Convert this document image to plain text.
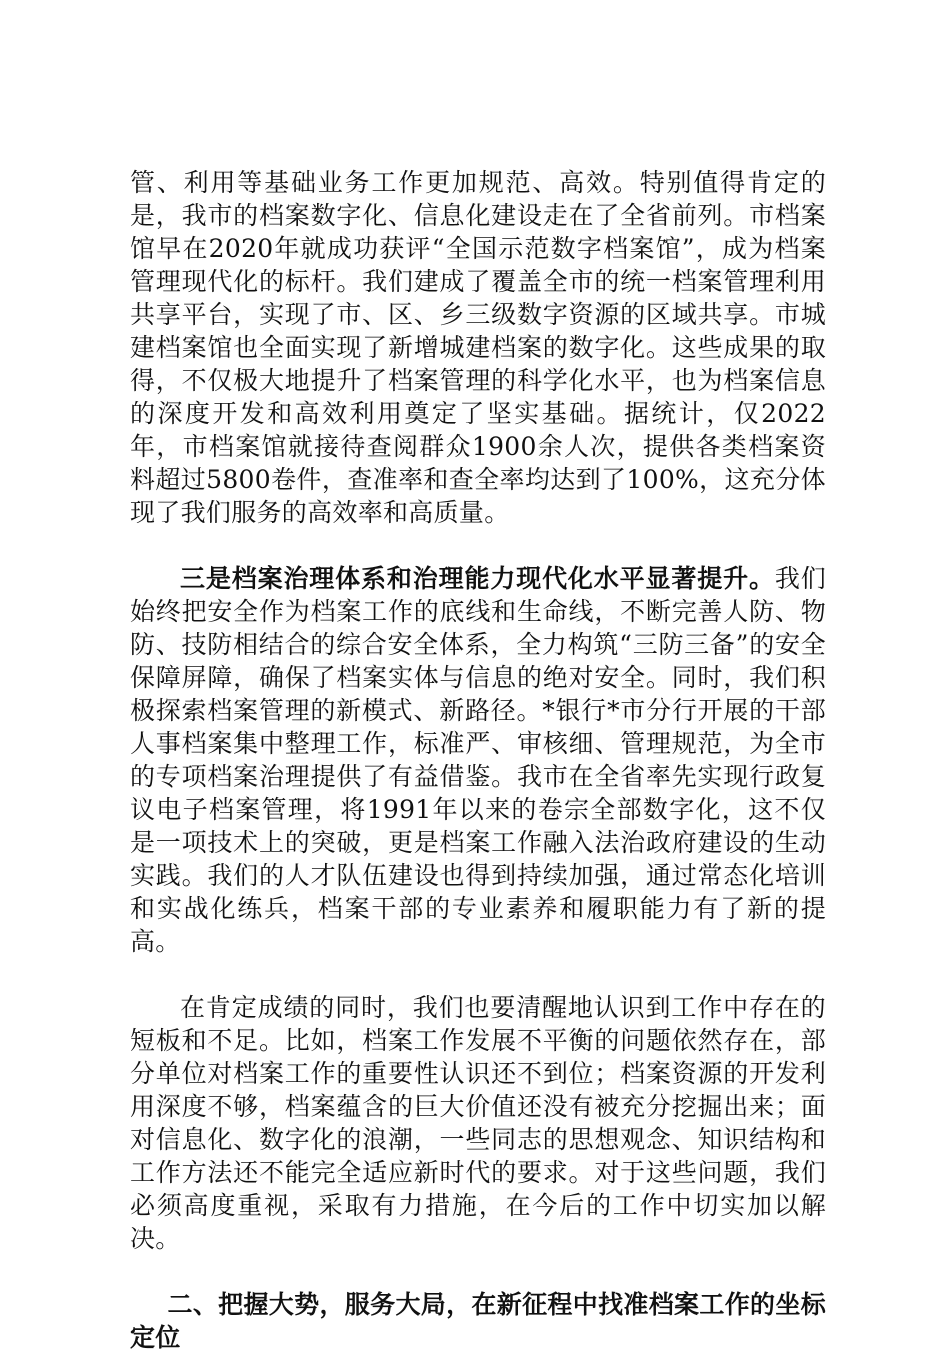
管、利用等基础业务工作更加规范、高效。特别值得肯定的是，我市的档案数字化、信息化建设走在了全省前列。市档案馆早在2020年就成功获评“全国示范数字档案馆”，成为档案管理现代化的标杆。我们建成了覆盖全市的统一档案管理利用共享平台，实现了市、区、乡三级数字资源的区域共享。市城建档案馆也全面实现了新增城建档案的数字化。这些成果的取得，不仅极大地提升了档案管理的科学化水平，也为档案信息的深度开发和高效利用奠定了坚实基础。据统计，仅2022年，市档案馆就接待查阅群众1900余人次，提供各类档案资料超过5800卷件，查准率和查全率均达到了100%，这充分体现了我们服务的高效率和高质量。

三是档案治理体系和治理能力现代化水平显著提升。我们始终把安全作为档案工作的底线和生命线，不断完善人防、物防、技防相结合的综合安全体系，全力构筑“三防三备”的安全保障屏障，确保了档案实体与信息的绝对安全。同时，我们积极探索档案管理的新模式、新路径。*银行*市分行开展的干部人事档案集中整理工作，标准严、审核细、管理规范，为全市的专项档案治理提供了有益借鉴。我市在全省率先实现行政复议电子档案管理，将1991年以来的卷宗全部数字化，这不仅是一项技术上的突破，更是档案工作融入法治政府建设的生动实践。我们的人才队伍建设也得到持续加强，通过常态化培训和实战化练兵，档案干部的专业素养和履职能力有了新的提高。

在肯定成绩的同时，我们也要清醒地认识到工作中存在的短板和不足。比如，档案工作发展不平衡的问题依然存在，部分单位对档案工作的重要性认识还不到位；档案资源的开发利用深度不够，档案蕴含的巨大价值还没有被充分挖掘出来；面对信息化、数字化的浪潮，一些同志的思想观念、知识结构和工作方法还不能完全适应新时代的要求。对于这些问题，我们必须高度重视，采取有力措施，在今后的工作中切实加以解决。

二、把握大势，服务大局，在新征程中找准档案工作的坐标定位
